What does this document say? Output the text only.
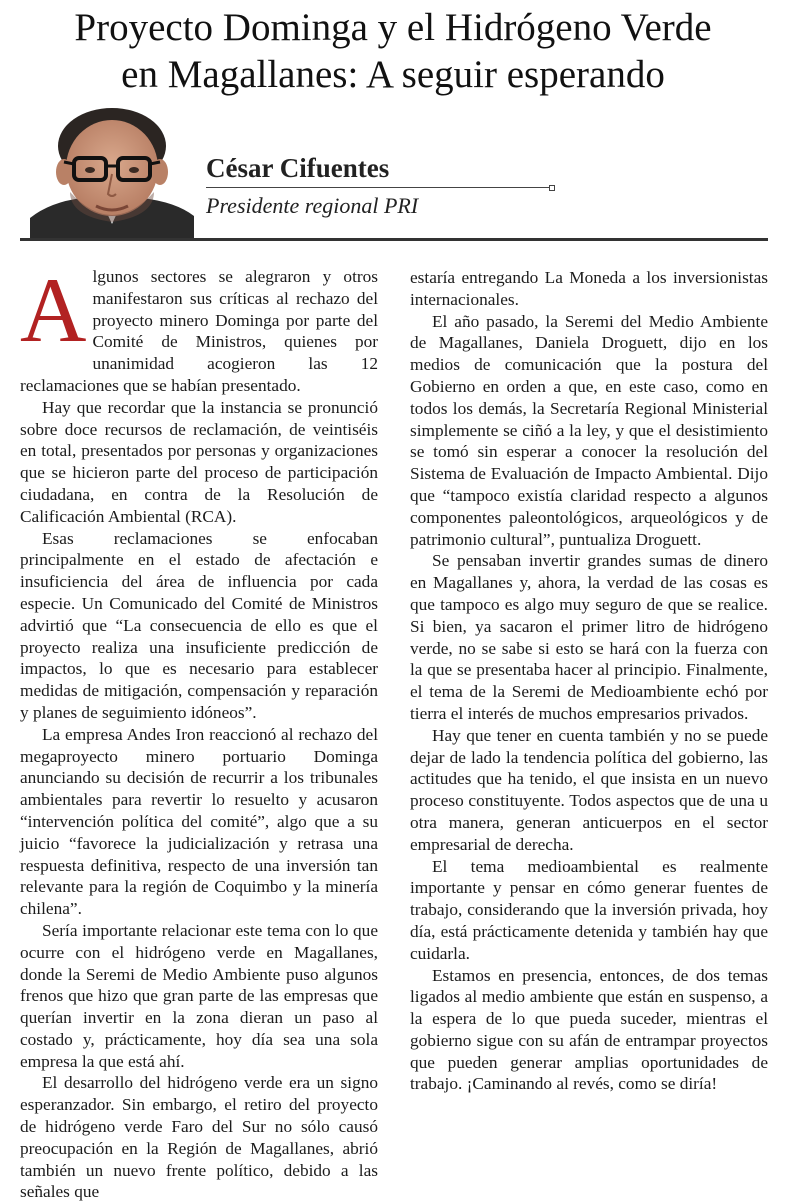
Proyecto Dominga y el Hidrógeno Verde
en Magallanes: A seguir esperando
César Cifuentes
Presidente regional PRI
A lgunos sectores se alegraron y otros manifestaron sus críticas al rechazo del proyecto minero Dominga por parte del Comité de Ministros, quienes por unanimidad acogieron las 12 reclamaciones que se habían presentado.

Hay que recordar que la instancia se pronunció sobre doce recursos de reclamación, de veintiséis en total, presentados por personas y organizaciones que se hicieron parte del proceso de participación ciudadana, en contra de la Resolución de Calificación Ambiental (RCA).

Esas reclamaciones se enfocaban principalmente en el estado de afectación e insuficiencia del área de influencia por cada especie. Un Comunicado del Comité de Ministros advirtió que “La consecuencia de ello es que el proyecto realiza una insuficiente predicción de impactos, lo que es necesario para establecer medidas de mitigación, compensación y reparación y planes de seguimiento idóneos”.

La empresa Andes Iron reaccionó al rechazo del megaproyecto minero portuario Dominga anunciando su decisión de recurrir a los tribunales ambientales para revertir lo resuelto y acusaron “intervención política del comité”, algo que a su juicio “favorece la judicialización y retrasa una respuesta definitiva, respecto de una inversión tan relevante para la región de Coquimbo y la minería chilena”.

Sería importante relacionar este tema con lo que ocurre con el hidrógeno verde en Magallanes, donde la Seremi de Medio Ambiente puso algunos frenos que hizo que gran parte de las empresas que querían invertir en la zona dieran un paso al costado y, prácticamente, hoy día sea una sola empresa la que está ahí.

El desarrollo del hidrógeno verde era un signo esperanzador. Sin embargo, el retiro del proyecto de hidrógeno verde Faro del Sur no sólo causó preocupación en la Región de Magallanes, abrió también un nuevo frente político, debido a las señales que

estaría entregando La Moneda a los inversionistas internacionales.

El año pasado, la Seremi del Medio Ambiente de Magallanes, Daniela Droguett, dijo en los medios de comunicación que la postura del Gobierno en orden a que, en este caso, como en todos los demás, la Secretaría Regional Ministerial simplemente se ciñó a la ley, y que el desistimiento se tomó sin esperar a conocer la resolución del Sistema de Evaluación de Impacto Ambiental. Dijo que “tampoco existía claridad respecto a algunos componentes paleontológicos, arqueológicos y de patrimonio cultural”, puntualiza Droguett.

Se pensaban invertir grandes sumas de dinero en Magallanes y, ahora, la verdad de las cosas es que tampoco es algo muy seguro de que se realice. Si bien, ya sacaron el primer litro de hidrógeno verde, no se sabe si esto se hará con la fuerza con la que se presentaba hacer al principio. Finalmente, el tema de la Seremi de Medioambiente echó por tierra el interés de muchos empresarios privados.

Hay que tener en cuenta también y no se puede dejar de lado la tendencia política del gobierno, las actitudes que ha tenido, el que insista en un nuevo proceso constituyente. Todos aspectos que de una u otra manera, generan anticuerpos en el sector empresarial de derecha.

El tema medioambiental es realmente importante y pensar en cómo generar fuentes de trabajo, considerando que la inversión privada, hoy día, está prácticamente detenida y también hay que cuidarla.

Estamos en presencia, entonces, de dos temas ligados al medio ambiente que están en suspenso, a la espera de lo que pueda suceder, mientras el gobierno sigue con su afán de entrampar proyectos que pueden generar amplias oportunidades de trabajo. ¡Caminando al revés, como se diría!
